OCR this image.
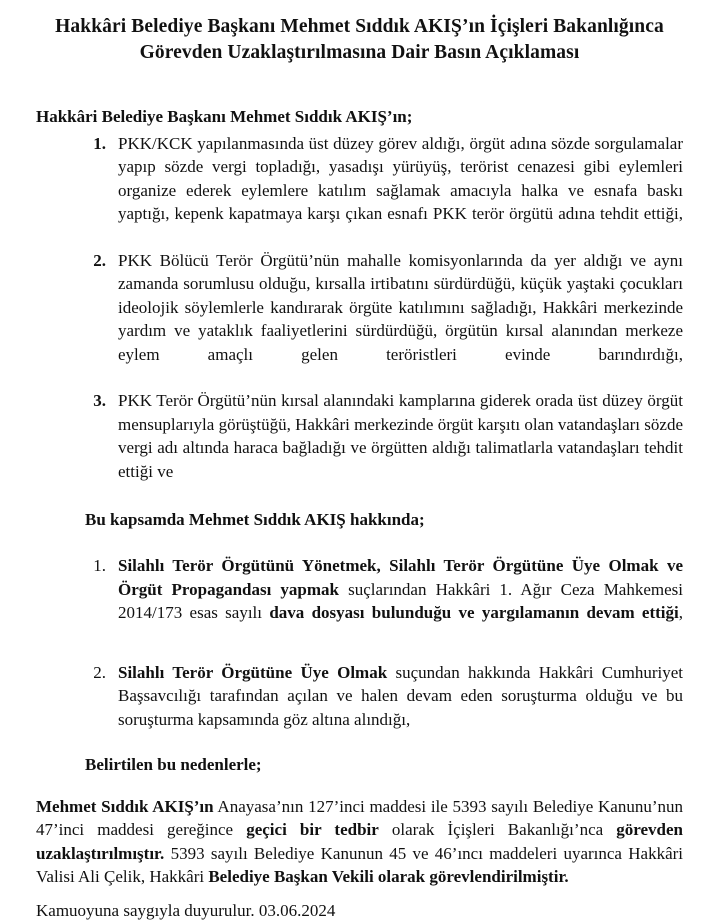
Hakkâri Belediye Başkanı Mehmet Sıddık AKIŞ’ın İçişleri Bakanlığınca
Görevden Uzaklaştırılmasına Dair Basın Açıklaması
Hakkâri Belediye Başkanı Mehmet Sıddık AKIŞ’ın;
1. PKK/KCK yapılanmasında üst düzey görev aldığı, örgüt adına sözde sorgulamalar yapıp sözde vergi topladığı, yasadışı yürüyüş, terörist cenazesi gibi eylemleri organize ederek eylemlere katılım sağlamak amacıyla halka ve esnafa baskı yaptığı, kepenk kapatmaya karşı çıkan esnafı PKK terör örgütü adına tehdit ettiği,
2. PKK Bölücü Terör Örgütü’nün mahalle komisyonlarında da yer aldığı ve aynı zamanda sorumlusu olduğu, kırsalla irtibatını sürdürdüğü, küçük yaştaki çocukları ideolojik söylemlerle kandırarak örgüte katılımını sağladığı, Hakkâri merkezinde yardım ve yataklık faaliyetlerini sürdürdüğü, örgütün kırsal alanından merkeze eylem amaçlı gelen teröristleri evinde barındırdığı,
3. PKK Terör Örgütü’nün kırsal alanındaki kamplarına giderek orada üst düzey örgüt mensuplarıyla görüştüğü, Hakkâri merkezinde örgüt karşıtı olan vatandaşları sözde vergi adı altında haraca bağladığı ve örgütten aldığı talimatlarla vatandaşları tehdit ettiği ve
Bu kapsamda Mehmet Sıddık AKIŞ hakkında;
1. Silahlı Terör Örgütünü Yönetmek, Silahlı Terör Örgütüne Üye Olmak ve Örgüt Propagandası yapmak suçlarından Hakkâri 1. Ağır Ceza Mahkemesi 2014/173 esas sayılı dava dosyası bulunduğu ve yargılamanın devam ettiği,
2. Silahlı Terör Örgütüne Üye Olmak suçundan hakkında Hakkâri Cumhuriyet Başsavcılığı tarafından açılan ve halen devam eden soruşturma olduğu ve bu soruşturma kapsamında göz altına alındığı,
Belirtilen bu nedenlerle;

Mehmet Sıddık AKIŞ’ın Anayasa’nın 127’inci maddesi ile 5393 sayılı Belediye Kanunu’nun 47’inci maddesi gereğince geçici bir tedbir olarak İçişleri Bakanlığı’nca görevden uzaklaştırılmıştır. 5393 sayılı Belediye Kanunun 45 ve 46’ıncı maddeleri uyarınca Hakkâri Valisi Ali Çelik, Hakkâri Belediye Başkan Vekili olarak görevlendirilmiştir.

Kamuoyuna saygıyla duyurulur. 03.06.2024
